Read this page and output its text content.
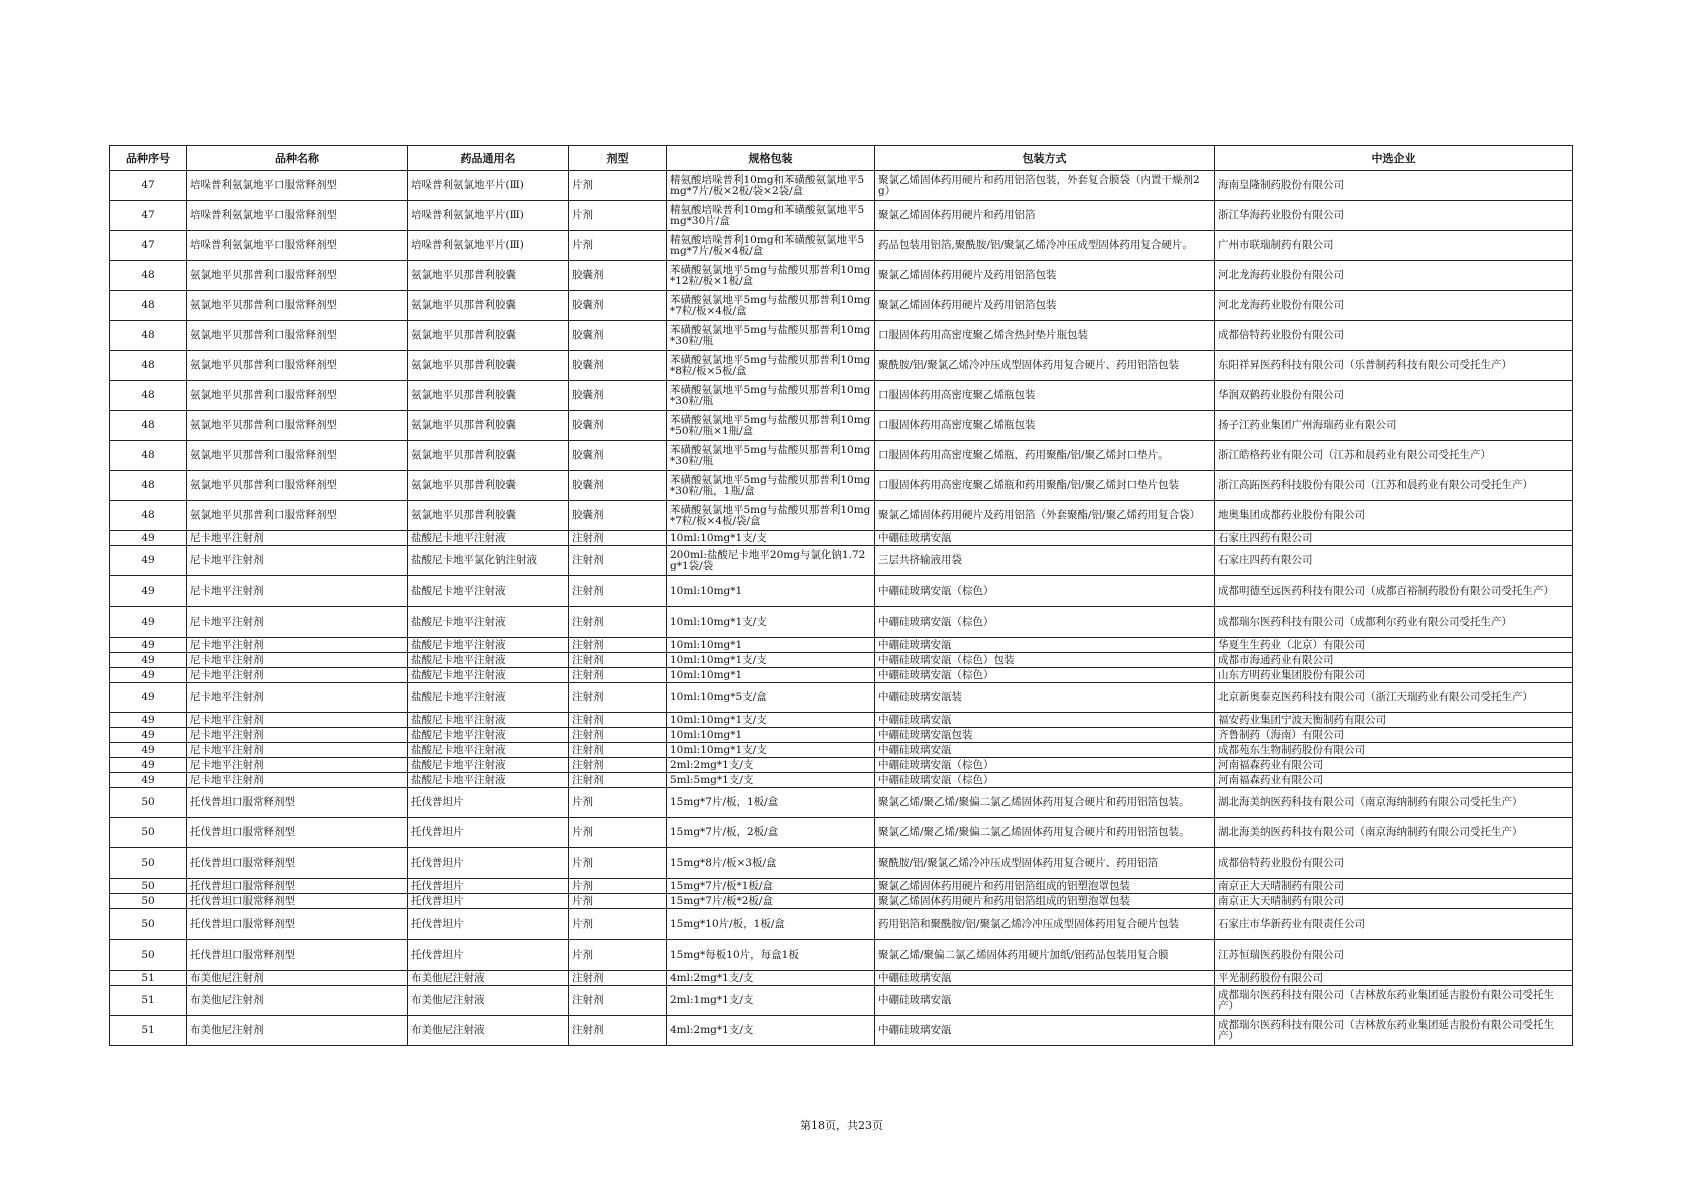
品种序号	品种名称	药品通用名	剂型	规格包装	包装方式	中选企业
47	培哚普利氨氯地平口服常释剂型	培哚普利氨氯地平片(Ⅲ)	片剂	精氨酸培哚普利10mg和苯磺酸氨氯地平5mg*7片/板×2板/袋×2袋/盒	聚氯乙烯固体药用硬片和药用铝箔包装，外套复合膜袋（内置干燥剂2g）	海南皇隆制药股份有限公司
47	培哚普利氨氯地平口服常释剂型	培哚普利氨氯地平片(Ⅲ)	片剂	精氨酸培哚普利10mg和苯磺酸氨氯地平5mg*30片/盒	聚氯乙烯固体药用硬片和药用铝箔	浙江华海药业股份有限公司
47	培哚普利氨氯地平口服常释剂型	培哚普利氨氯地平片(Ⅲ)	片剂	精氨酸培哚普利10mg和苯磺酸氨氯地平5mg*7片/板×4板/盒	药品包装用铝箔,聚酰胺/铝/聚氯乙烯冷冲压成型固体药用复合硬片。	广州市联瑞制药有限公司
48	氨氯地平贝那普利口服常释剂型	氨氯地平贝那普利胶囊	胶囊剂	苯磺酸氨氯地平5mg与盐酸贝那普利10mg*12粒/板×1板/盒	聚氯乙烯固体药用硬片及药用铝箔包装	河北龙海药业股份有限公司
48	氨氯地平贝那普利口服常释剂型	氨氯地平贝那普利胶囊	胶囊剂	苯磺酸氨氯地平5mg与盐酸贝那普利10mg*7粒/板×4板/盒	聚氯乙烯固体药用硬片及药用铝箔包装	河北龙海药业股份有限公司
48	氨氯地平贝那普利口服常释剂型	氨氯地平贝那普利胶囊	胶囊剂	苯磺酸氨氯地平5mg与盐酸贝那普利10mg*30粒/瓶	口服固体药用高密度聚乙烯含热封垫片瓶包装	成都倍特药业股份有限公司
48	氨氯地平贝那普利口服常释剂型	氨氯地平贝那普利胶囊	胶囊剂	苯磺酸氨氯地平5mg与盐酸贝那普利10mg*8粒/板×5板/盒	聚酰胺/铝/聚氯乙烯冷冲压成型固体药用复合硬片、药用铝箔包装	东阳祥昇医药科技有限公司（乐普制药科技有限公司受托生产）
48	氨氯地平贝那普利口服常释剂型	氨氯地平贝那普利胶囊	胶囊剂	苯磺酸氨氯地平5mg与盐酸贝那普利10mg*30粒/瓶	口服固体药用高密度聚乙烯瓶包装	华润双鹤药业股份有限公司
48	氨氯地平贝那普利口服常释剂型	氨氯地平贝那普利胶囊	胶囊剂	苯磺酸氨氯地平5mg与盐酸贝那普利10mg*50粒/瓶×1瓶/盒	口服固体药用高密度聚乙烯瓶包装	扬子江药业集团广州海瑞药业有限公司
48	氨氯地平贝那普利口服常释剂型	氨氯地平贝那普利胶囊	胶囊剂	苯磺酸氨氯地平5mg与盐酸贝那普利10mg*30粒/瓶	口服固体药用高密度聚乙烯瓶，药用聚酯/铝/聚乙烯封口垫片。	浙江皓格药业有限公司（江苏和晨药业有限公司受托生产）
48	氨氯地平贝那普利口服常释剂型	氨氯地平贝那普利胶囊	胶囊剂	苯磺酸氨氯地平5mg与盐酸贝那普利10mg*30粒/瓶，1瓶/盒	口服固体药用高密度聚乙烯瓶和药用聚酯/铝/聚乙烯封口垫片包装	浙江高跖医药科技股份有限公司（江苏和晨药业有限公司受托生产）
48	氨氯地平贝那普利口服常释剂型	氨氯地平贝那普利胶囊	胶囊剂	苯磺酸氨氯地平5mg与盐酸贝那普利10mg*7粒/板×4板/袋/盒	聚氯乙烯固体药用硬片及药用铝箔（外套聚酯/铝/聚乙烯药用复合袋）	地奥集团成都药业股份有限公司
49	尼卡地平注射剂	盐酸尼卡地平注射液	注射剂	10ml:10mg*1支/支	中硼硅玻璃安瓿	石家庄四药有限公司
49	尼卡地平注射剂	盐酸尼卡地平氯化钠注射液	注射剂	200ml:盐酸尼卡地平20mg与氯化钠1.72g*1袋/袋	三层共挤输液用袋	石家庄四药有限公司
49	尼卡地平注射剂	盐酸尼卡地平注射液	注射剂	10ml:10mg*1	中硼硅玻璃安瓿（棕色）	成都明德至远医药科技有限公司（成都百裕制药股份有限公司受托生产）
49	尼卡地平注射剂	盐酸尼卡地平注射液	注射剂	10ml:10mg*1支/支	中硼硅玻璃安瓿（棕色）	成都瑞尔医药科技有限公司（成都利尔药业有限公司受托生产）
49	尼卡地平注射剂	盐酸尼卡地平注射液	注射剂	10ml:10mg*1	中硼硅玻璃安瓿	华夏生生药业（北京）有限公司
49	尼卡地平注射剂	盐酸尼卡地平注射液	注射剂	10ml:10mg*1支/支	中硼硅玻璃安瓿（棕色）包装	成都市海通药业有限公司
49	尼卡地平注射剂	盐酸尼卡地平注射液	注射剂	10ml:10mg*1	中硼硅玻璃安瓿（棕色）	山东方明药业集团股份有限公司
49	尼卡地平注射剂	盐酸尼卡地平注射液	注射剂	10ml:10mg*5支/盒	中硼硅玻璃安瓿装	北京新奥泰克医药科技有限公司（浙江天瑞药业有限公司受托生产）
49	尼卡地平注射剂	盐酸尼卡地平注射液	注射剂	10ml:10mg*1支/支	中硼硅玻璃安瓿	福安药业集团宁波天衡制药有限公司
49	尼卡地平注射剂	盐酸尼卡地平注射液	注射剂	10ml:10mg*1	中硼硅玻璃安瓿包装	齐鲁制药（海南）有限公司
49	尼卡地平注射剂	盐酸尼卡地平注射液	注射剂	10ml:10mg*1支/支	中硼硅玻璃安瓿	成都苑东生物制药股份有限公司
49	尼卡地平注射剂	盐酸尼卡地平注射液	注射剂	2ml:2mg*1支/支	中硼硅玻璃安瓿（棕色）	河南福森药业有限公司
49	尼卡地平注射剂	盐酸尼卡地平注射液	注射剂	5ml:5mg*1支/支	中硼硅玻璃安瓿（棕色）	河南福森药业有限公司
50	托伐普坦口服常释剂型	托伐普坦片	片剂	15mg*7片/板，1板/盒	聚氯乙烯/聚乙烯/聚偏二氯乙烯固体药用复合硬片和药用铝箔包装。	湖北海美纳医药科技有限公司（南京海纳制药有限公司受托生产）
50	托伐普坦口服常释剂型	托伐普坦片	片剂	15mg*7片/板，2板/盒	聚氯乙烯/聚乙烯/聚偏二氯乙烯固体药用复合硬片和药用铝箔包装。	湖北海美纳医药科技有限公司（南京海纳制药有限公司受托生产）
50	托伐普坦口服常释剂型	托伐普坦片	片剂	15mg*8片/板×3板/盒	聚酰胺/铝/聚氯乙烯冷冲压成型固体药用复合硬片、药用铝箔	成都倍特药业股份有限公司
50	托伐普坦口服常释剂型	托伐普坦片	片剂	15mg*7片/板*1板/盒	聚氯乙烯固体药用硬片和药用铝箔组成的铝塑泡罩包装	南京正大天晴制药有限公司
50	托伐普坦口服常释剂型	托伐普坦片	片剂	15mg*7片/板*2板/盒	聚氯乙烯固体药用硬片和药用铝箔组成的铝塑泡罩包装	南京正大天晴制药有限公司
50	托伐普坦口服常释剂型	托伐普坦片	片剂	15mg*10片/板，1板/盒	药用铝箔和聚酰胺/铝/聚氯乙烯冷冲压成型固体药用复合硬片包装	石家庄市华新药业有限责任公司
50	托伐普坦口服常释剂型	托伐普坦片	片剂	15mg*每板10片，每盒1板	聚氯乙烯/聚偏二氯乙烯固体药用硬片加纸/铝药品包装用复合膜	江苏恒瑞医药股份有限公司
51	布美他尼注射剂	布美他尼注射液	注射剂	4ml:2mg*1支/支	中硼硅玻璃安瓿	平光制药股份有限公司
51	布美他尼注射剂	布美他尼注射液	注射剂	2ml:1mg*1支/支	中硼硅玻璃安瓿	成都瑞尔医药科技有限公司（吉林敖东药业集团延吉股份有限公司受托生产）
51	布美他尼注射剂	布美他尼注射液	注射剂	4ml:2mg*1支/支	中硼硅玻璃安瓿	成都瑞尔医药科技有限公司（吉林敖东药业集团延吉股份有限公司受托生产）
第18页，共23页
